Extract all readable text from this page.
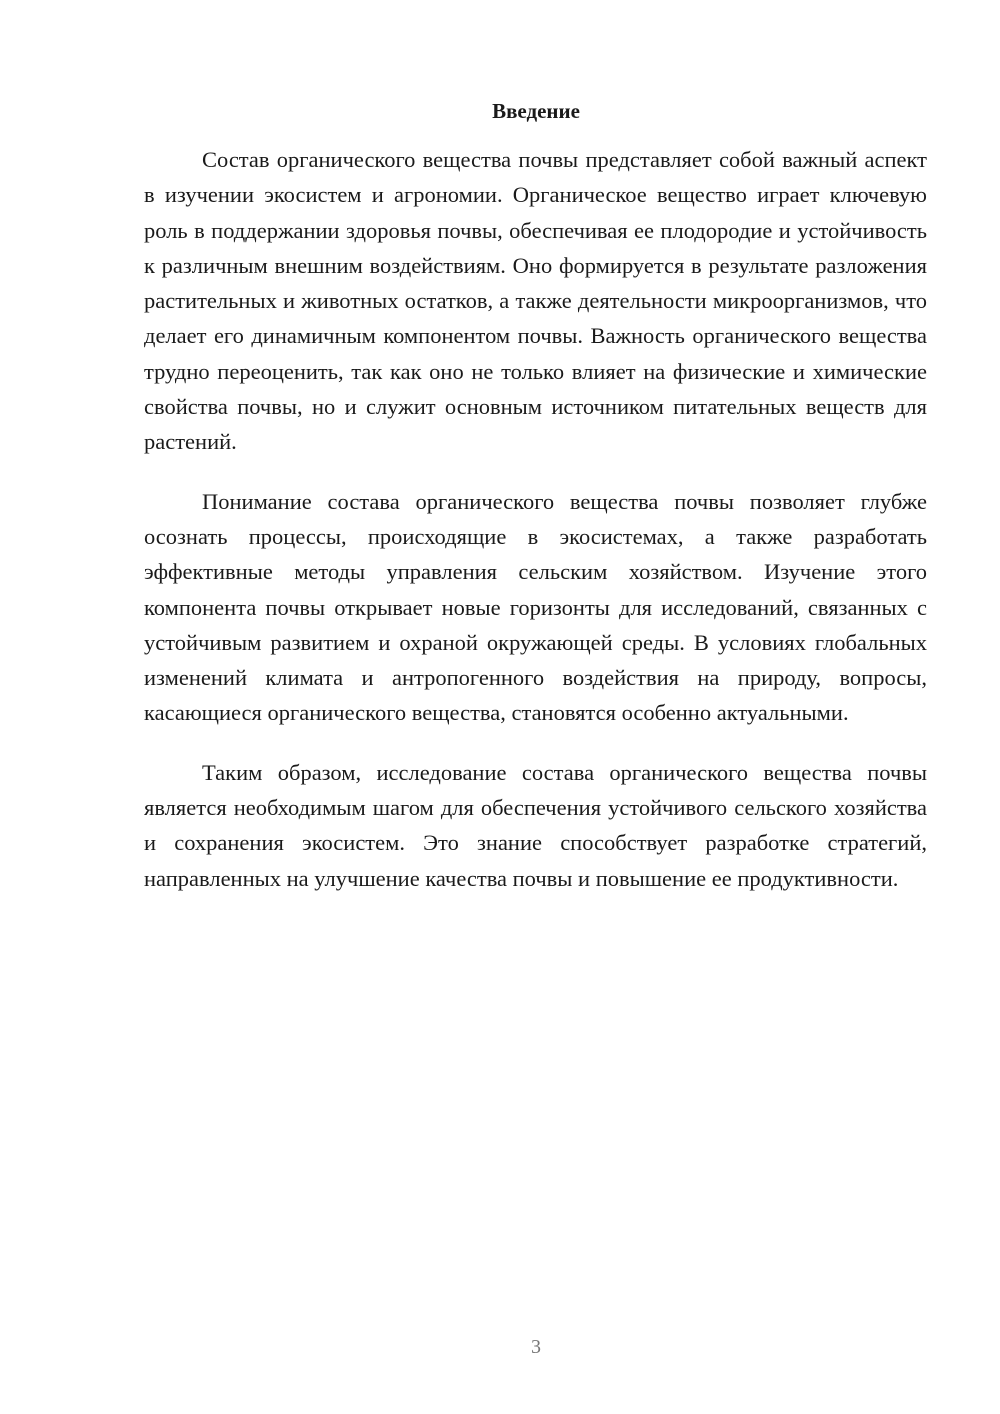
Введение

Состав органического вещества почвы представляет собой важный аспект в изучении экосистем и агрономии. Органическое вещество играет ключевую роль в поддержании здоровья почвы, обеспечивая ее плодородие и устойчивость к различным внешним воздействиям. Оно формируется в результате разложения растительных и животных остатков, а также деятельности микроорганизмов, что делает его динамичным компонентом почвы. Важность органического вещества трудно переоценить, так как оно не только влияет на физические и химические свойства почвы, но и служит основным источником питательных веществ для растений.

Понимание состава органического вещества почвы позволяет глубже осознать процессы, происходящие в экосистемах, а также разработать эффективные методы управления сельским хозяйством. Изучение этого компонента почвы открывает новые горизонты для исследований, связанных с устойчивым развитием и охраной окружающей среды. В условиях глобальных изменений климата и антропогенного воздействия на природу, вопросы, касающиеся органического вещества, становятся особенно актуальными.

Таким образом, исследование состава органического вещества почвы является необходимым шагом для обеспечения устойчивого сельского хозяйства и сохранения экосистем. Это знание способствует разработке стратегий, направленных на улучшение качества почвы и повышение ее продуктивности.

3
